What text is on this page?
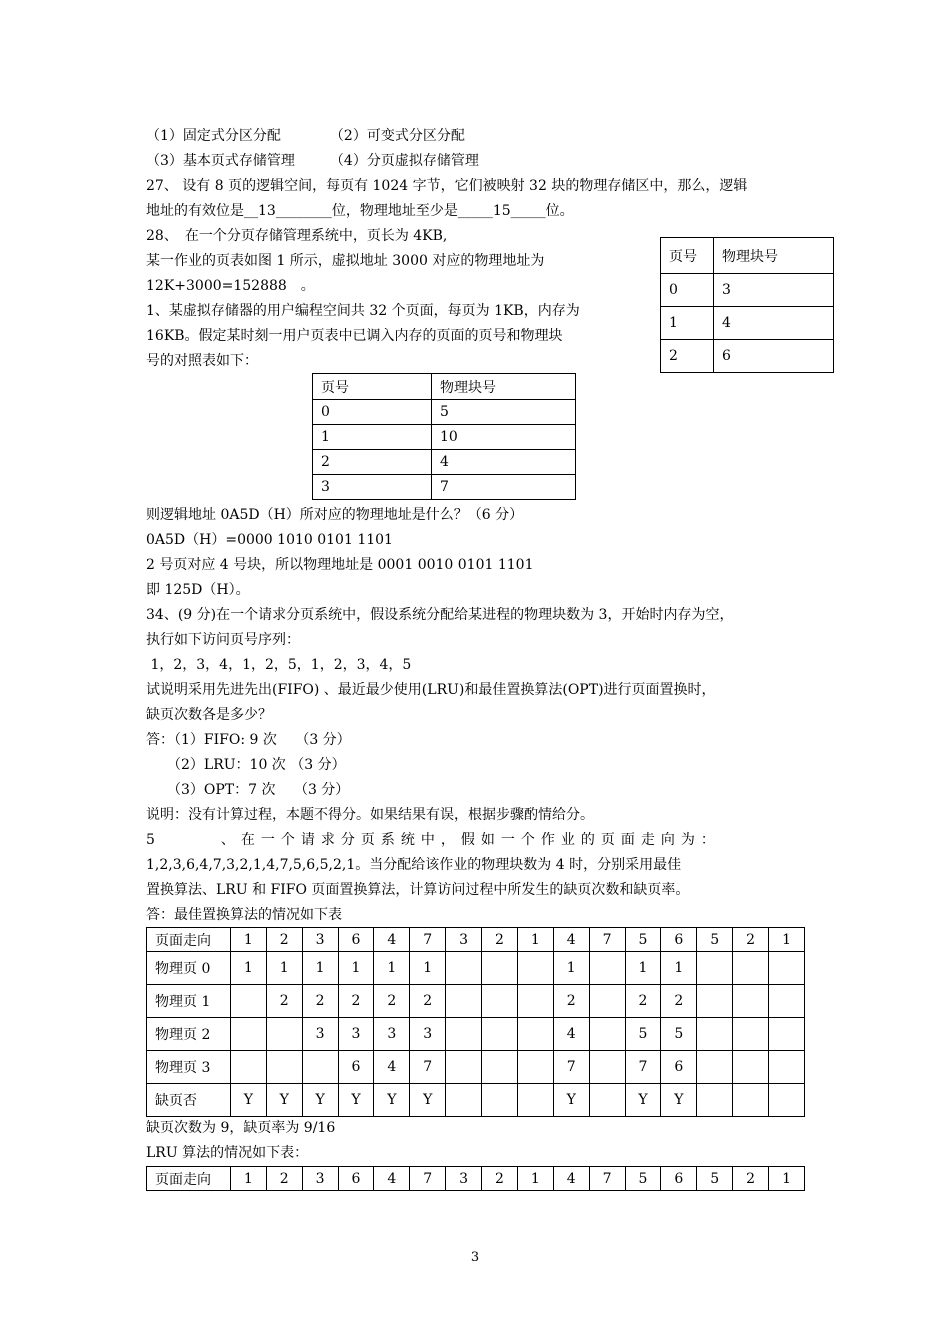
（1）固定式分区分配　　　　（2）可变式分区分配
（3）基本页式存储管理　　　（4）分页虚拟存储管理
27、 设有 8 页的逻辑空间，每页有 1024 字节，它们被映射 32 块的物理存储区中，那么，逻辑
地址的有效位是__13________位，物理地址至少是_____15_____位。
28、　在一个分页存储管理系统中，页长为 4KB,
某一作业的页表如图 1 所示，虚拟地址 3000 对应的物理地址为
12K+3000=152888　。
1、某虚拟存储器的用户编程空间共 32 个页面，每页为 1KB，内存为
16KB。假定某时刻一用户页表中已调入内存的页面的页号和物理块
号的对照表如下：
页号	物理块号
0	3
1	4
2	6
页号	物理块号
0	5
1	10
2	4
3	7
则逻辑地址 0A5D（H）所对应的物理地址是什么？（6 分）
0A5D（H）=0000 1010 0101 1101
2 号页对应 4 号块，所以物理地址是 0001 0010 0101 1101
即 125D（H）。
34、(9 分)在一个请求分页系统中，假设系统分配给某进程的物理块数为 3，开始时内存为空，
执行如下访问页号序列：
1，2，3，4，1，2，5，1，2，3，4，5
试说明采用先进先出(FIFO) 、最近最少使用(LRU)和最佳置换算法(OPT)进行页面置换时，
缺页次数各是多少？
答：（1）FIFO: 9 次　 （3 分）
　　（2）LRU：10 次 （3 分）
　　（3）OPT：7 次　 （3 分）
说明：没有计算过程，本题不得分。如果结果有误，根据步骤酌情给分。
5　　　、在一个请求分页系统中，假如一个作业的页面走向为：
1,2,3,6,4,7,3,2,1,4,7,5,6,5,2,1。当分配给该作业的物理块数为 4 时，分别采用最佳
置换算法、LRU 和 FIFO 页面置换算法，计算访问过程中所发生的缺页次数和缺页率。
答：最佳置换算法的情况如下表
页面走向	1	2	3	6	4	7	3	2	1	4	7	5	6	5	2	1
物理页 0	1	1	1	1	1	1				1		1	1			
物理页 1		2	2	2	2	2				2		2	2			
物理页 2			3	3	3	3				4		5	5			
物理页 3				6	4	7				7		7	6			
缺页否	Y	Y	Y	Y	Y	Y				Y		Y	Y			
缺页次数为 9，缺页率为 9/16
LRU 算法的情况如下表：
页面走向	1	2	3	6	4	7	3	2	1	4	7	5	6	5	2	1
3
